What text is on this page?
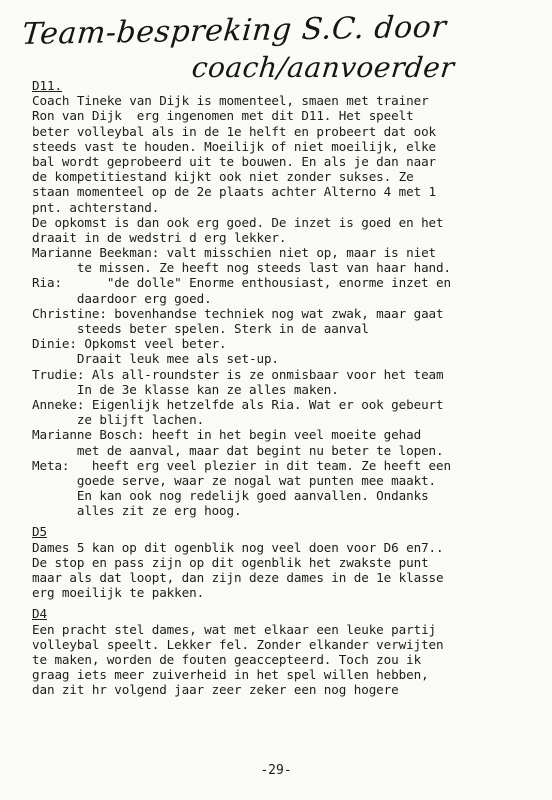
Team-bespreking S.C. door
coach/aanvoerder
D11.
Coach Tineke van Dijk is momenteel, smaen met trainer
Ron van Dijk  erg ingenomen met dit D11. Het speelt
beter volleybal als in de 1e helft en probeert dat ook
steeds vast te houden. Moeilijk of niet moeilijk, elke
bal wordt geprobeerd uit te bouwen. En als je dan naar
de kompetitiestand kijkt ook niet zonder sukses. Ze
staan momenteel op de 2e plaats achter Alterno 4 met 1
pnt. achterstand.
De opkomst is dan ook erg goed. De inzet is goed en het
draait in de wedstri d erg lekker.
Marianne Beekman: valt misschien niet op, maar is niet
te missen. Ze heeft nog steeds last van haar hand.
Ria:      "de dolle" Enorme enthousiast, enorme inzet en
daardoor erg goed.
Christine: bovenhandse techniek nog wat zwak, maar gaat
steeds beter spelen. Sterk in de aanval
Dinie: Opkomst veel beter.
Draait leuk mee als set-up.
Trudie: Als all-roundster is ze onmisbaar voor het team
In de 3e klasse kan ze alles maken.
Anneke: Eigenlijk hetzelfde als Ria. Wat er ook gebeurt
ze blijft lachen.
Marianne Bosch: heeft in het begin veel moeite gehad
met de aanval, maar dat begint nu beter te lopen.
Meta:   heeft erg veel plezier in dit team. Ze heeft een
goede serve, waar ze nogal wat punten mee maakt.
En kan ook nog redelijk goed aanvallen. Ondanks
alles zit ze erg hoog.
D5
Dames 5 kan op dit ogenblik nog veel doen voor D6 en7..
De stop en pass zijn op dit ogenblik het zwakste punt
maar als dat loopt, dan zijn deze dames in de 1e klasse
erg moeilijk te pakken.
D4
Een pracht stel dames, wat met elkaar een leuke partij
volleybal speelt. Lekker fel. Zonder elkander verwijten
te maken, worden de fouten geaccepteerd. Toch zou ik
graag iets meer zuiverheid in het spel willen hebben,
dan zit hr volgend jaar zeer zeker een nog hogere
-29-
